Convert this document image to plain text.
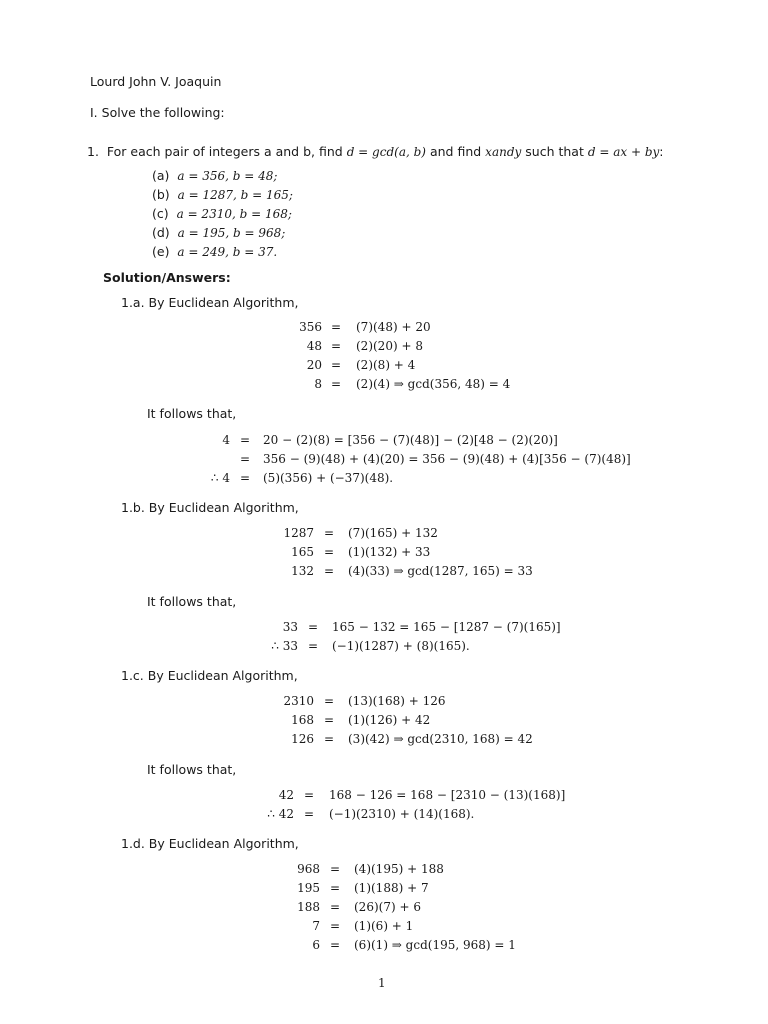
Lourd John V. Joaquin
I. Solve the following:
1. For each pair of integers a and b, find d = gcd(a, b) and find xandy such that d = ax + by:
(a) a = 356, b = 48;
(b) a = 1287, b = 165;
(c) a = 2310, b = 168;
(d) a = 195, b = 968;
(e) a = 249, b = 37.
Solution/Answers:
1.a. By Euclidean Algorithm,
356 =	(7)(48) + 20
48 =	(2)(20) + 8
20 =	(2)(8) + 4
8 =	(2)(4) ⇒ gcd(356, 48) = 4
It follows that,
4 =	20 − (2)(8) = [356 − (7)(48)] − (2)[48 − (2)(20)]
=	356 − (9)(48) + (4)(20) = 356 − (9)(48) + (4)[356 − (7)(48)]
∴ 4 =	(5)(356) + (−37)(48).
1.b. By Euclidean Algorithm,
1287 =	(7)(165) + 132
165 =	(1)(132) + 33
132 =	(4)(33) ⇒ gcd(1287, 165) = 33
It follows that,
33 =	165 − 132 = 165 − [1287 − (7)(165)]
∴ 33 =	(−1)(1287) + (8)(165).
1.c. By Euclidean Algorithm,
2310 =	(13)(168) + 126
168 =	(1)(126) + 42
126 =	(3)(42) ⇒ gcd(2310, 168) = 42
It follows that,
42 =	168 − 126 = 168 − [2310 − (13)(168)]
∴ 42 =	(−1)(2310) + (14)(168).
1.d. By Euclidean Algorithm,
968 =	(4)(195) + 188
195 =	(1)(188) + 7
188 =	(26)(7) + 6
7 =	(1)(6) + 1
6 =	(6)(1) ⇒ gcd(195, 968) = 1
1
